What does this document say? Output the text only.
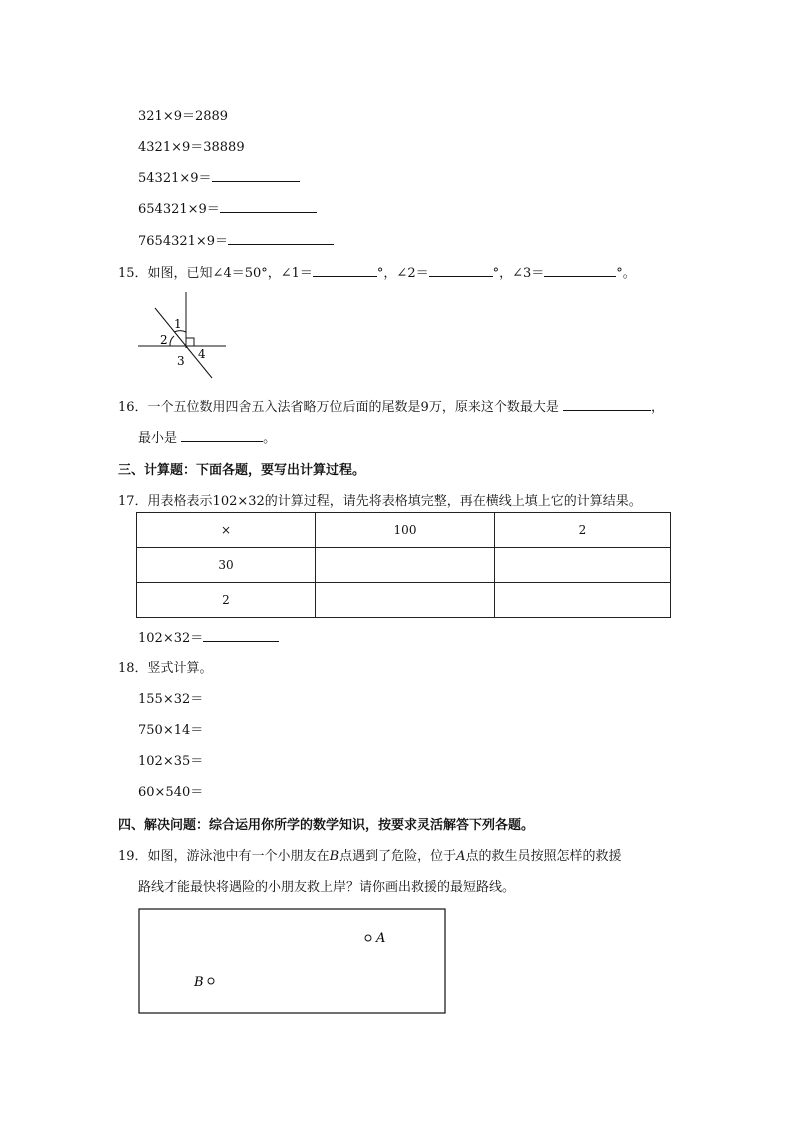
321×9＝2889
4321×9＝38889
54321×9＝
654321×9＝
7654321×9＝
15．如图，已知∠4＝50°，∠1＝	°，∠2＝	°，∠3＝	°。
1
2
3 4
16．一个五位数用四舍五入法省略万位后面的尾数是9万，原来这个数最大是	，
最小是	。
三、计算题：下面各题，要写出计算过程。
17．用表格表示102×32的计算过程，请先将表格填完整，再在横线上填上它的计算结果。
×	100	2
30		
2		
102×32＝
18．竖式计算。
155×32＝
750×14＝
102×35＝
60×540＝
四、解决问题：综合运用你所学的数学知识，按要求灵活解答下列各题。
19．如图，游泳池中有一个小朋友在B点遇到了危险，位于A点的救生员按照怎样的救援
路线才能最快将遇险的小朋友救上岸？请你画出救援的最短路线。
A
B
